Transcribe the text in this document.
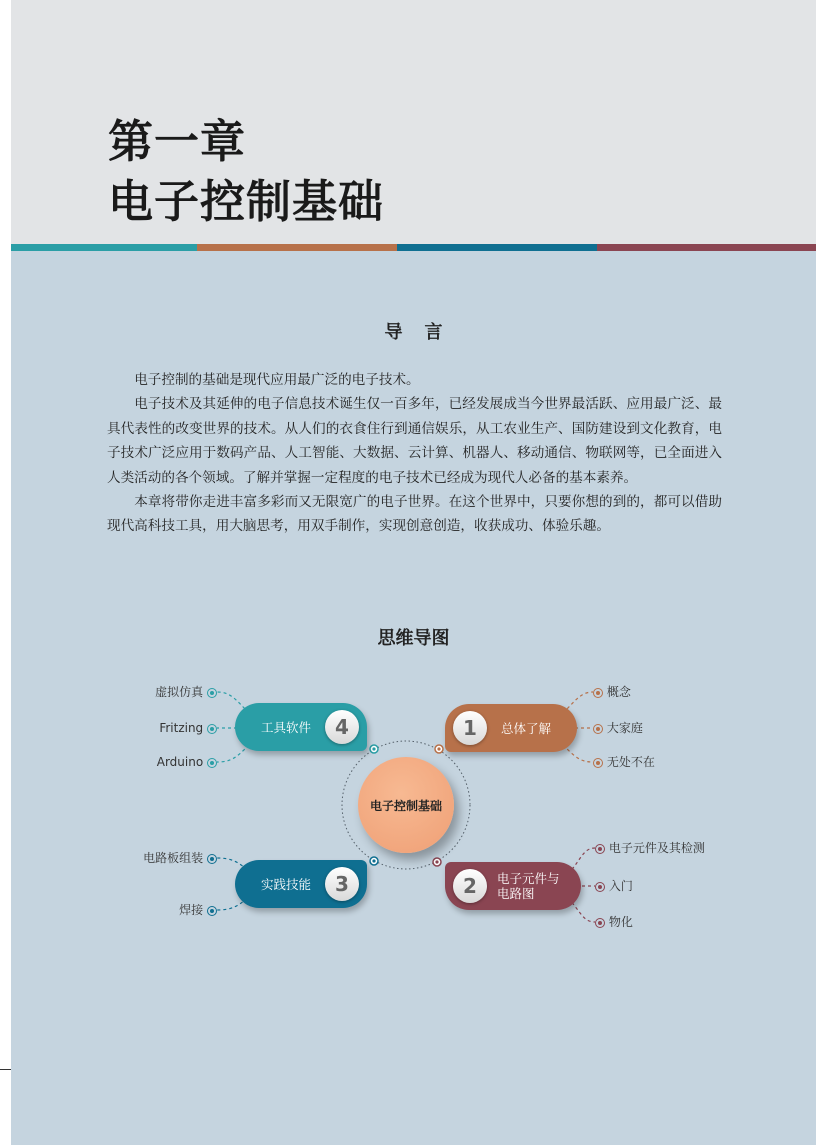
第一章
电子控制基础
导言

电子控制的基础是现代应用最广泛的电子技术。

电子技术及其延伸的电子信息技术诞生仅一百多年，已经发展成当今世界最活跃、应用最广泛、最具代表性的改变世界的技术。从人们的衣食住行到通信娱乐，从工农业生产、国防建设到文化教育，电子技术广泛应用于数码产品、人工智能、大数据、云计算、机器人、移动通信、物联网等，已全面进入人类活动的各个领域。了解并掌握一定程度的电子技术已经成为现代人必备的基本素养。

本章将带你走进丰富多彩而又无限宽广的电子世界。在这个世界中，只要你想的到的，都可以借助现代高科技工具，用大脑思考，用双手制作，实现创意创造，收获成功、体验乐趣。

思维导图
电子控制基础
1	总体了解
概念
大家庭
无处不在
工具软件	4
虚拟仿真
Fritzing
Arduino
2	电子元件与
电路图
电子元件及其检测
入门
物化
实践技能	3
电路板组装
焊接
